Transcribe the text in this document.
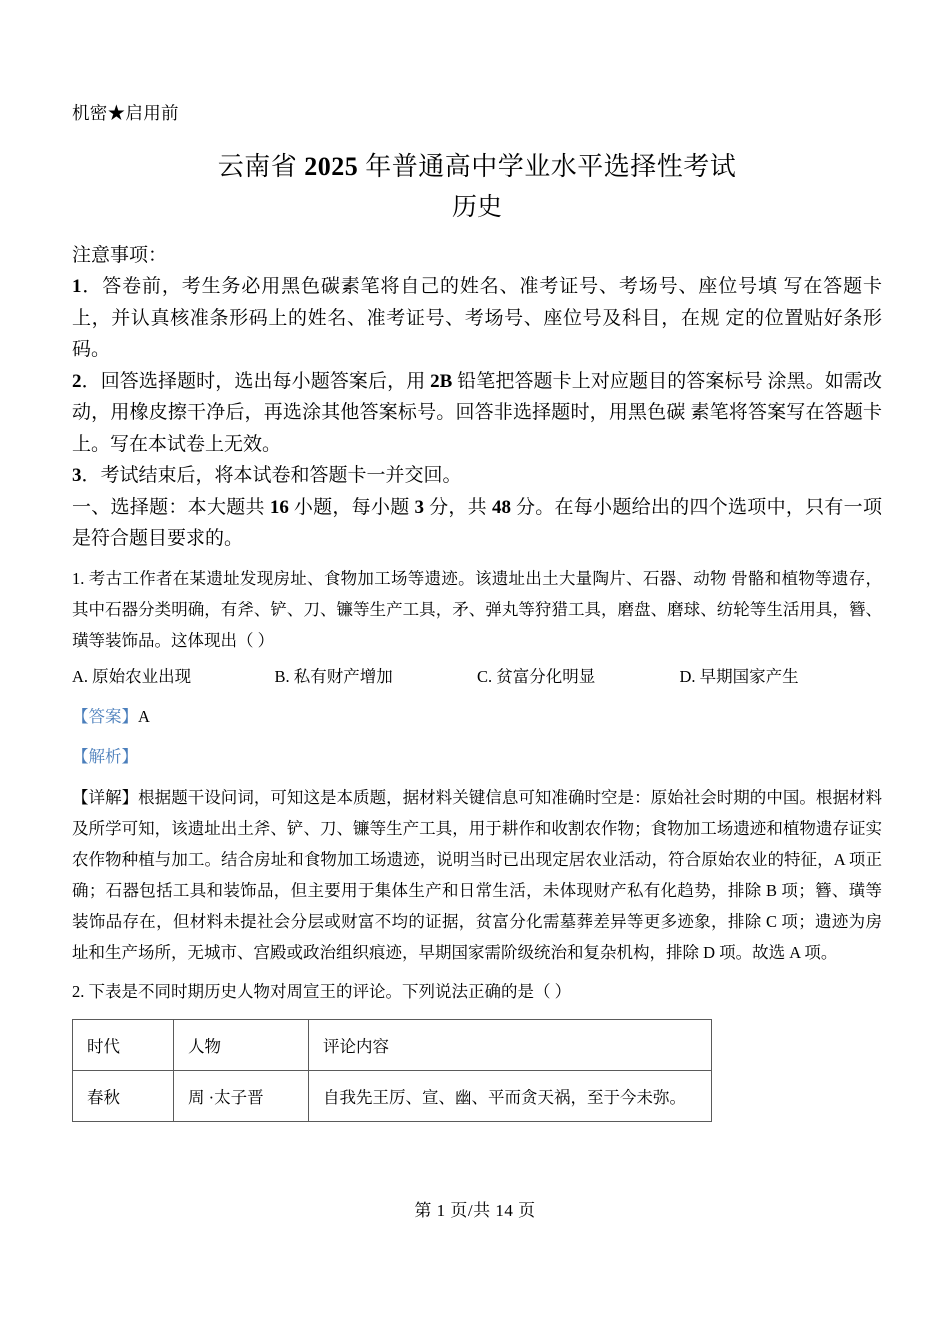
机密★启用前
云南省 2025 年普通高中学业水平选择性考试
历史
注意事项：
1．答卷前，考生务必用黑色碳素笔将自己的姓名、准考证号、考场号、座位号填 写在答题卡上，并认真核准条形码上的姓名、准考证号、考场号、座位号及科目，在规 定的位置贴好条形码。
2．回答选择题时，选出每小题答案后，用 2B 铅笔把答题卡上对应题目的答案标号 涂黑。如需改动，用橡皮擦干净后，再选涂其他答案标号。回答非选择题时，用黑色碳 素笔将答案写在答题卡上。写在本试卷上无效。
3．考试结束后，将本试卷和答题卡一并交回。
一、选择题：本大题共 16 小题，每小题 3 分，共 48 分。在每小题给出的四个选项中，只有一项是符合题目要求的。
1. 考古工作者在某遗址发现房址、食物加工场等遗迹。该遗址出土大量陶片、石器、动物 骨骼和植物等遗存，其中石器分类明确，有斧、铲、刀、镰等生产工具，矛、弹丸等狩猎工具，磨盘、磨球、纺轮等生活用具，簪、璜等装饰品。这体现出（ ）
A. 原始农业出现	B. 私有财产增加	C. 贫富分化明显	D. 早期国家产生
【答案】A
【解析】
【详解】根据题干设问词，可知这是本质题，据材料关键信息可知准确时空是：原始社会时期的中国。根据材料及所学可知，该遗址出土斧、铲、刀、镰等生产工具，用于耕作和收割农作物；食物加工场遗迹和植物遗存证实农作物种植与加工。结合房址和食物加工场遗迹，说明当时已出现定居农业活动，符合原始农业的特征，A 项正确；石器包括工具和装饰品，但主要用于集体生产和日常生活，未体现财产私有化趋势，排除 B 项；簪、璜等装饰品存在，但材料未提社会分层或财富不均的证据，贫富分化需墓葬差异等更多迹象，排除 C 项；遗迹为房址和生产场所，无城市、宫殿或政治组织痕迹，早期国家需阶级统治和复杂机构，排除 D 项。故选 A 项。
2. 下表是不同时期历史人物对周宣王的评论。下列说法正确的是（ ）
时代	人物	评论内容
春秋	周 ·太子晋	自我先王厉、宣、幽、平而贪天祸，至于今未弥。
第 1 页/共 14 页
